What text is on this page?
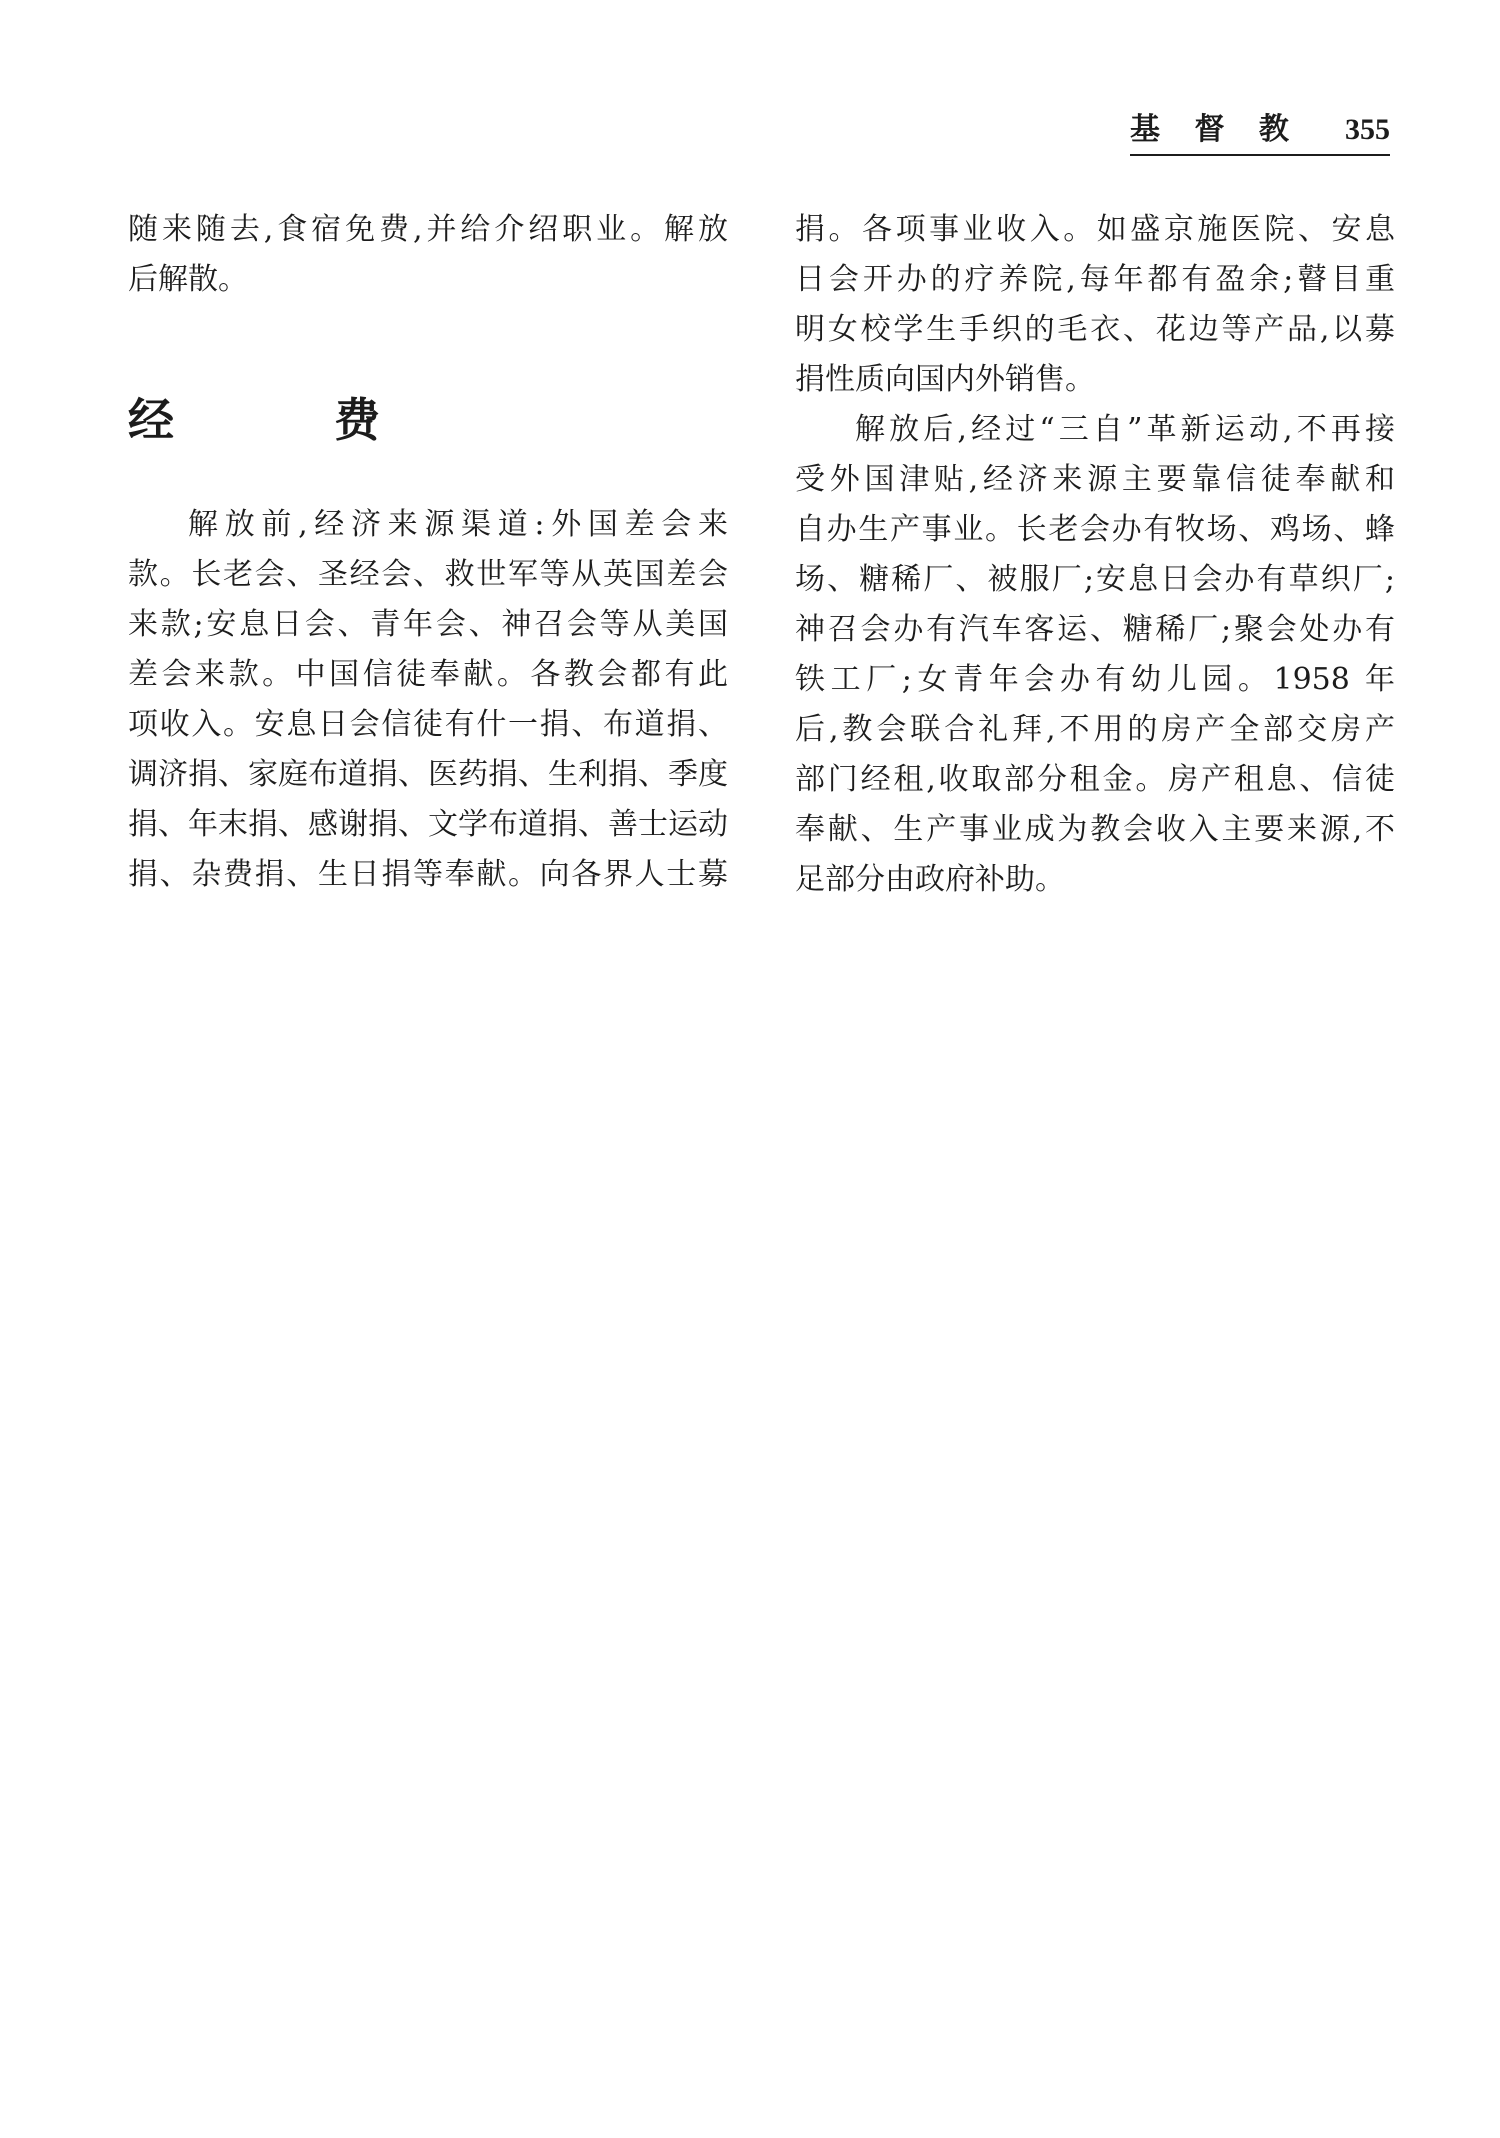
基 督 教 355
随来随去,食宿免费,并给介绍职业。解放
后解散。
经 费
解放前,经济来源渠道:外国差会来
款。长老会、圣经会、救世军等从英国差会
来款;安息日会、青年会、神召会等从美国
差会来款。中国信徒奉献。各教会都有此
项收入。安息日会信徒有什一捐、布道捐、
调济捐、家庭布道捐、医药捐、生利捐、季度
捐、年末捐、感谢捐、文学布道捐、善士运动
捐、杂费捐、生日捐等奉献。向各界人士募
捐。各项事业收入。如盛京施医院、安息
日会开办的疗养院,每年都有盈余;瞽目重
明女校学生手织的毛衣、花边等产品,以募
捐性质向国内外销售。
解放后,经过“三自”革新运动,不再接
受外国津贴,经济来源主要靠信徒奉献和
自办生产事业。长老会办有牧场、鸡场、蜂
场、糖稀厂、被服厂;安息日会办有草织厂;
神召会办有汽车客运、糖稀厂;聚会处办有
铁工厂;女青年会办有幼儿园。1958 年
后,教会联合礼拜,不用的房产全部交房产
部门经租,收取部分租金。房产租息、信徒
奉献、生产事业成为教会收入主要来源,不
足部分由政府补助。
